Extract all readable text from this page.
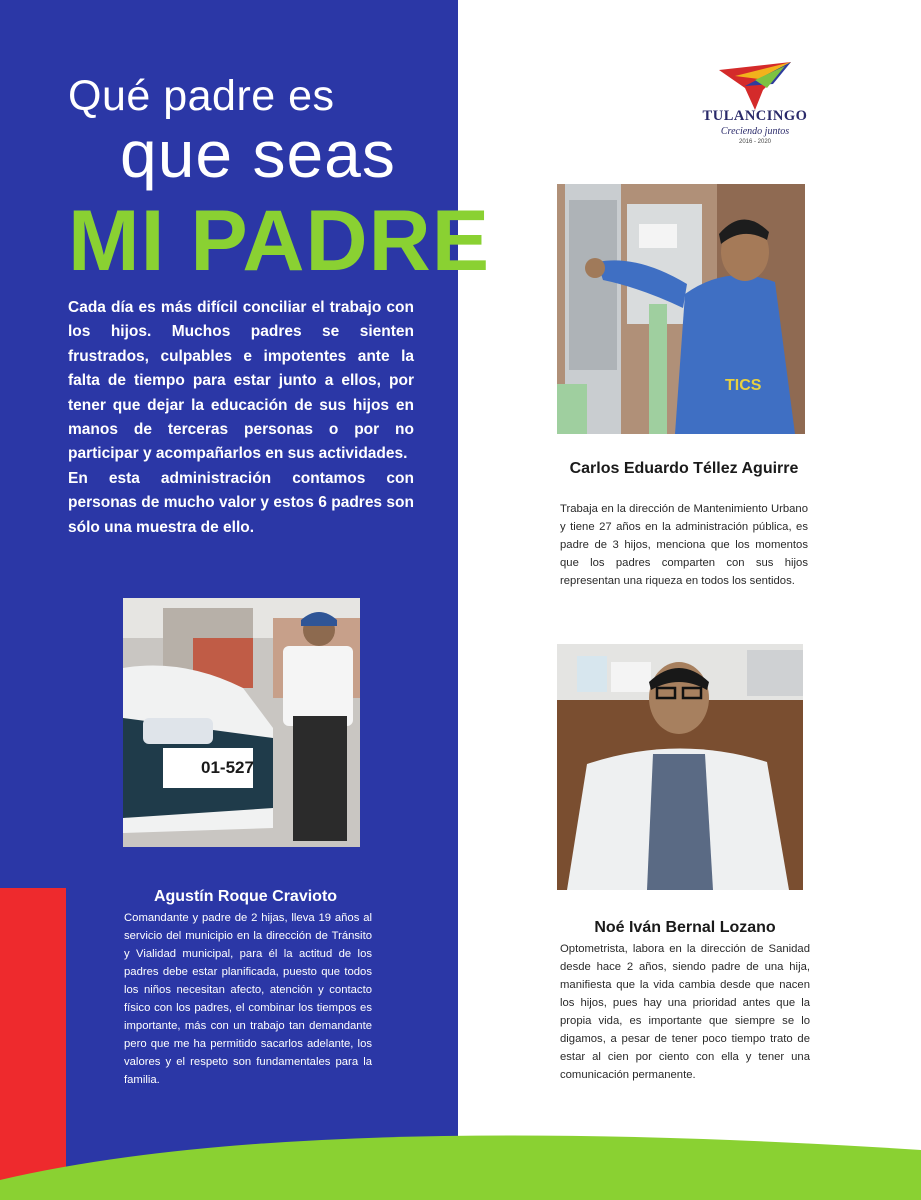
Qué padre es
que seas
MI PADRE

Cada día es más difícil conciliar el trabajo con los hijos. Muchos padres se sienten frustrados, culpables e impotentes ante la falta de tiempo para estar junto a ellos, por tener que dejar la educación de sus hijos en manos de terceras personas o por no participar y acompañarlos en sus actividades.

En esta administración contamos con personas de mucho valor y estos 6 padres son sólo una muestra de ello.

TULANCINGO
Creciendo juntos
2016 - 2020
TICS
01-527
Carlos Eduardo Téllez Aguirre

Trabaja en la dirección de Mantenimiento Urbano y tiene 27 años en la administración pública, es padre de 3 hijos, menciona que los momentos que los padres comparten con sus hijos representan una riqueza en todos los sentidos.

Agustín Roque Cravioto

Comandante y padre de 2 hijas, lleva 19 años al servicio del municipio en la dirección de Tránsito y Vialidad municipal, para él la actitud de los padres debe estar planificada, puesto que todos los niños necesitan afecto, atención y contacto físico con los padres, el combinar los tiempos es importante, más con un trabajo tan demandante pero que me ha permitido sacarlos adelante, los valores y el respeto son fundamentales para la familia.

Noé Iván Bernal Lozano

Optometrista, labora en la dirección de Sanidad desde hace 2 años, siendo padre de una hija, manifiesta que la vida cambia desde que nacen los hijos, pues hay una prioridad antes que la propia vida, es importante que siempre se lo digamos, a pesar de tener poco tiempo trato de estar al cien por ciento con ella y tener una comunicación permanente.
